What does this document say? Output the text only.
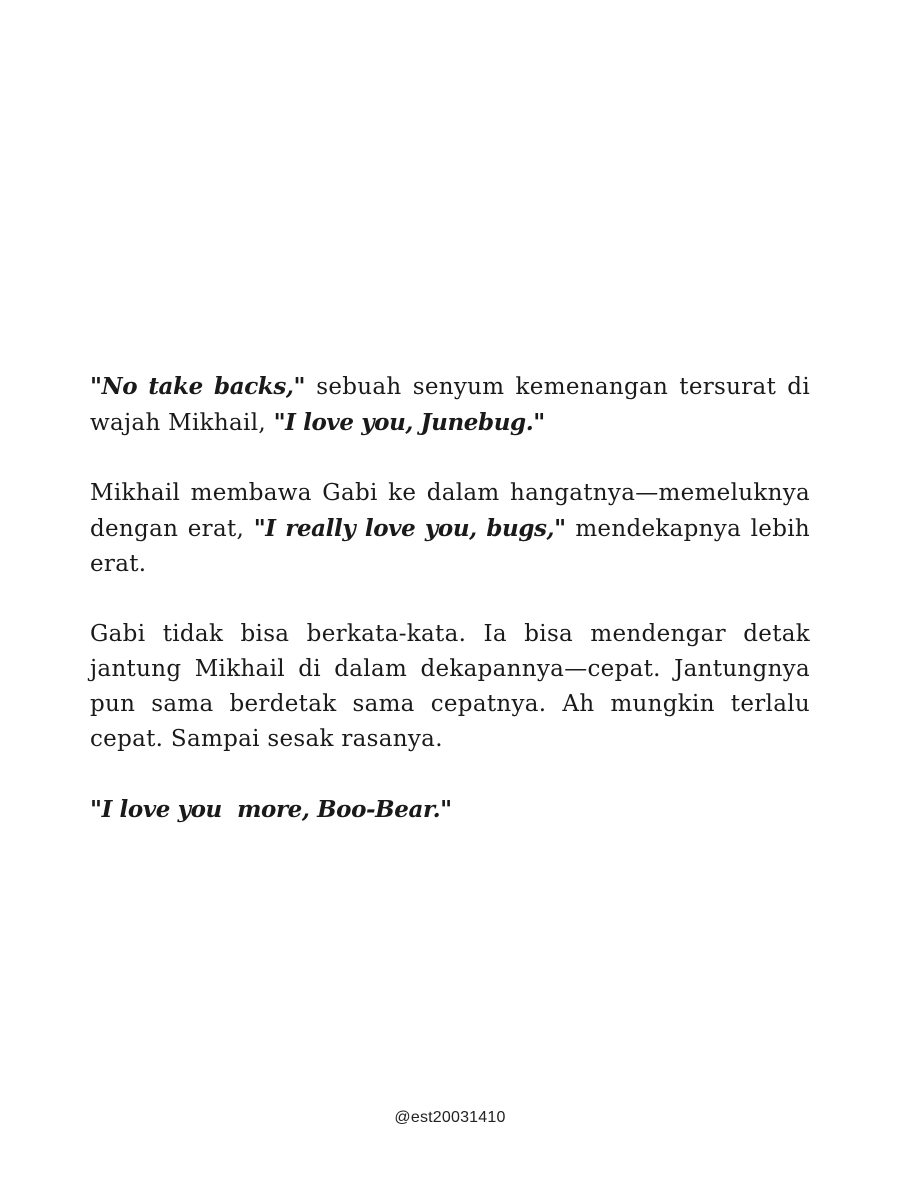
"No take backs," sebuah senyum kemenangan tersurat di wajah Mikhail, "I love you, Junebug."

Mikhail membawa Gabi ke dalam hangatnya—memeluknya dengan erat, "I really love you, bugs," mendekapnya lebih erat.

Gabi tidak bisa berkata-kata. Ia bisa mendengar detak jantung Mikhail di dalam dekapannya—cepat. Jantungnya pun sama berdetak sama cepatnya. Ah mungkin terlalu cepat. Sampai sesak rasanya.

"I love you  more, Boo-Bear."

@est20031410
